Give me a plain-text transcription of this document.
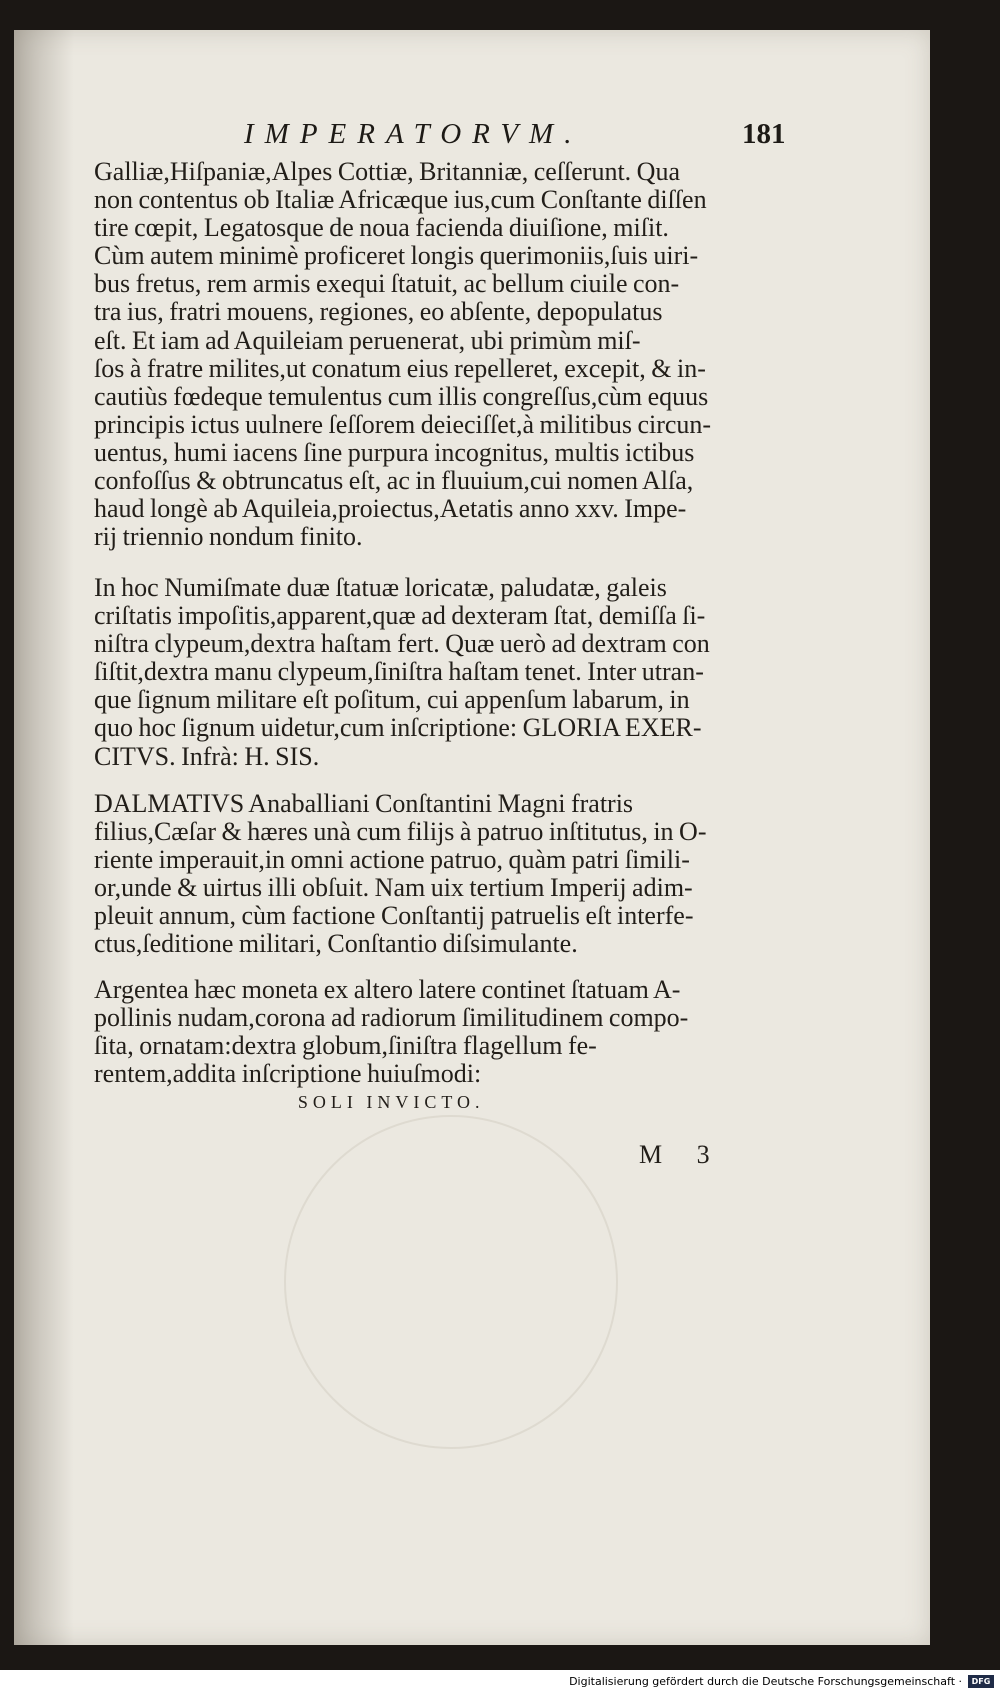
IMPERATORVM.	181
Galliæ,Hiſpaniæ,Alpes Cottiæ, Britanniæ, ceſſerunt. Qua
non contentus ob Italiæ Africæque ius,cum Conſtante diſſen
tire cœpit, Legatosque de noua facienda diuiſione, miſit.
Cùm autem minimè proficeret longis querimoniis,ſuis uiri-
bus fretus, rem armis exequi ſtatuit, ac bellum ciuile con-
tra ius, fratri mouens, regiones, eo abſente, depopulatus
eſt. Et iam ad Aquileiam peruenerat, ubi primùm miſ-
ſos à fratre milites,ut conatum eius repelleret, excepit, & in-
cautiùs fœdeque temulentus cum illis congreſſus,cùm equus
principis ictus uulnere ſeſſorem deieciſſet,à militibus circun-
uentus, humi iacens ſine purpura incognitus, multis ictibus
confoſſus & obtruncatus eſt, ac in fluuium,cui nomen Alſa,
haud longè ab Aquileia,proiectus,Aetatis anno xxv. Impe-
rij triennio nondum finito.
In hoc Numiſmate duæ ſtatuæ loricatæ, paludatæ, galeis
criſtatis impoſitis,apparent,quæ ad dexteram ſtat, demiſſa ſi-
niſtra clypeum,dextra haſtam fert. Quæ uerò ad dextram con
ſiſtit,dextra manu clypeum,ſiniſtra haſtam tenet. Inter utran-
que ſignum militare eſt poſitum, cui appenſum labarum, in
quo hoc ſignum uidetur,cum inſcriptione: GLORIA EXER-
CITVS. Infrà: H. SIS.
DALMATIVS Anaballiani Conſtantini Magni fratris
filius,Cæſar & hæres unà cum filijs à patruo inſtitutus, in O-
riente imperauit,in omni actione patruo, quàm patri ſimili-
or,unde & uirtus illi obſuit. Nam uix tertium Imperij adim-
pleuit annum, cùm factione Conſtantij patruelis eſt interfe-
ctus,ſeditione militari, Conſtantio diſsimulante.
Argentea hæc moneta ex altero latere continet ſtatuam A-
pollinis nudam,corona ad radiorum ſimilitudinem compo-
ſita, ornatam:dextra globum,ſiniſtra flagellum fe-
rentem,addita inſcriptione huiuſmodi:
SOLI INVICTO.
M 3
Digitalisierung gefördert durch die Deutsche Forschungsgemeinschaft ·	DFG
